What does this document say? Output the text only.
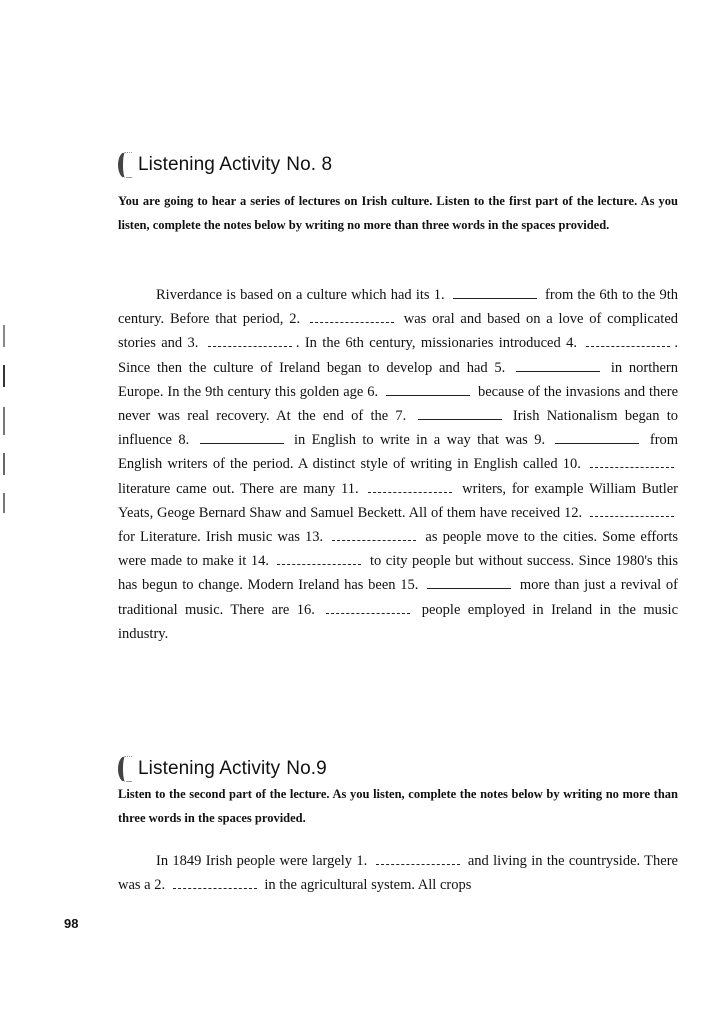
Listening Activity No. 8
You are going to hear a series of lectures on Irish culture. Listen to the first part of the lecture. As you listen, complete the notes below by writing no more than three words in the spaces provided.
Riverdance is based on a culture which had its 1.	from the 6th to the 9th century. Before that period, 2.	was oral and based on a love of complicated stories and 3.	. In the 6th century, missionaries introduced 4.	. Since then the culture of Ireland began to develop and had 5.	in northern Europe. In the 9th century this golden age 6.	because of the invasions and there never was real recovery. At the end of the 7.	Irish Nationalism began to influence 8.	in English to write in a way that was 9.	from English writers of the period. A distinct style of writing in English called 10.  literature came out. There are many 11.	writers, for example William Butler Yeats, Geoge Bernard Shaw and Samuel Beckett. All of them have received 12.  for Literature. Irish music was 13.	as people move to the cities. Some efforts were made to make it 14.	to city people but without success. Since 1980's this has begun to change. Modern Ireland has been 15.	more than just a revival of traditional music. There are 16.	people employed in Ireland in the music industry.
Listening Activity No.9
Listen to the second part of the lecture. As you listen, complete the notes below by writing no more than three words in the spaces provided.
In 1849 Irish people were largely 1.	and living in the countryside. There was a 2.	in the agricultural system. All crops
98
